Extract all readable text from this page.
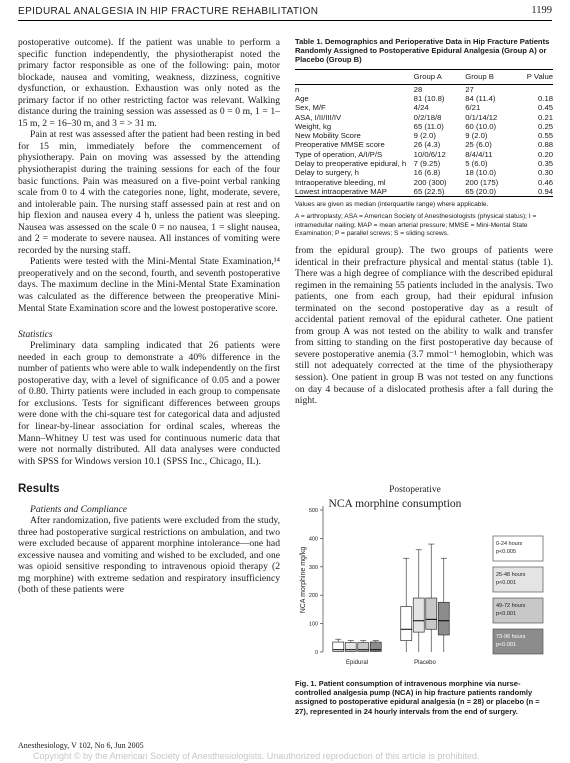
EPIDURAL ANALGESIA IN HIP FRACTURE REHABILITATION	1199

postoperative outcome). If the patient was unable to perform a specific function independently, the physiotherapist noted the primary factor responsible as one of the following: pain, motor blockade, nausea and vomiting, weakness, dizziness, cognitive dysfunction, or exhaustion. Exhaustion was only noted as the primary factor if no other restricting factor was relevant. Walking distance during the training session was assessed as 0 = 0 m, 1 = 1–15 m, 2 = 16–30 m, and 3 = > 31 m.

Pain at rest was assessed after the patient had been resting in bed for 15 min, immediately before the commencement of physiotherapy. Pain on moving was assessed by the attending physiotherapist during the training sessions for each of the four basic functions. Pain was measured on a five-point verbal ranking scale from 0 to 4 with the categories none, light, moderate, severe, and intolerable pain. The nursing staff assessed pain at rest and on hip flexion and nausea every 4 h, unless the patient was sleeping. Nausea was assessed on the scale 0 = no nausea, 1 = slight nausea, and 2 = moderate to severe nausea. All instances of vomiting were recorded by the nursing staff.

Patients were tested with the Mini-Mental State Examination,¹⁴ preoperatively and on the second, fourth, and seventh postoperative days. The maximum decline in the Mini-Mental State Examination was calculated as the difference between the preoperative Mini-Mental State Examination score and the lowest postoperative score.

Statistics

Preliminary data sampling indicated that 26 patients were needed in each group to demonstrate a 40% difference in the number of patients who were able to walk independently on the first postoperative day, with a level of significance of 0.05 and a power of 0.80. Thirty patients were included in each group to compensate for exclusions. Tests for significant differences between groups were done with the chi-square test for categorical data and adjusted for linear-by-linear association for ordinal scales, whereas the Mann–Whitney U test was used for continuous numeric data that were not normally distributed. All data analyses were conducted with SPSS for Windows version 10.1 (SPSS Inc., Chicago, IL).

Results
Patients and Compliance

After randomization, five patients were excluded from the study, three had postoperative surgical restrictions on ambulation, and two were excluded because of apparent morphine intolerance—one had excessive nausea and vomiting and wished to be excluded, and one was opioid sensitive responding to intravenous opioid therapy (2 mg morphine) with extreme sedation and respiratory insufficiency (both of these patients were

Table 1. Demographics and Perioperative Data in Hip Fracture Patients Randomly Assigned to Postoperative Epidural Analgesia (Group A) or Placebo (Group B)

	Group A	Group B	P Value
n	28	27	
Age	81 (10.8)	84 (11.4)	0.18
Sex, M/F	4/24	6/21	0.45
ASA, I/II/III/IV	0/2/18/8	0/1/14/12	0.21
Weight, kg	65 (11.0)	60 (10.0)	0.25
New Mobility Score	9 (2.0)	9 (2.0)	0.55
Preoperative MMSE score	26 (4.3)	25 (6.0)	0.88
Type of operation, A/I/P/S	10/0/6/12	8/4/4/11	0.20
Delay to preoperative epidural, h	7 (9.25)	5 (6.0)	0.35
Delay to surgery, h	16 (6.8)	18 (10.0)	0.30
Intraoperative bleeding, ml	200 (300)	200 (175)	0.46
Lowest intraoperative MAP	65 (22.5)	65 (20.0)	0.94

Values are given as median (interquartile range) where applicable.

A = arthroplasty; ASA = American Society of Anesthesiologists (physical status); I = intramedullar nailing; MAP = mean arterial pressure; MMSE = Mini-Mental State Examination; P = parallel screws; S = sliding screws.

from the epidural group). The two groups of patients were identical in their prefracture physical and mental status (table 1). There was a high degree of compliance with the described epidural regimen in the remaining 55 patients included in the analysis. Two patients, one from each group, had their epidural infusion terminated on the second postoperative day as a result of accidental patient removal of the epidural catheter. One patient from group A was not tested on the ability to walk and transfer from sitting to standing on the first postoperative day because of severe postoperative anemia (3.7 mmol⁻¹ hemoglobin, which was still not adequately corrected at the time of the physiotherapy session). One patient in group B was not tested on any functions on day 4 because of a dislocated prothesis after a fall during the night.

Postoperative
NCA morphine consumption
0
100
200
300
400
500
NCA morphine mg/kg
Epidural	Placebo
0-24 hours
p<0.005
25-48 hours
p<0.001
49-72 hours
p<0.001
73-96 hours
p<0.001

Fig. 1. Patient consumption of intravenous morphine via nurse-controlled analgesia pump (NCA) in hip fracture patients randomly assigned to postoperative epidural analgesia (n = 28) or placebo (n = 27), represented in 24 hourly intervals from the end of surgery.

Anesthesiology, V 102, No 6, Jun 2005
Copyright © by the American Society of Anesthesiologists. Unauthorized reproduction of this article is prohibited.
